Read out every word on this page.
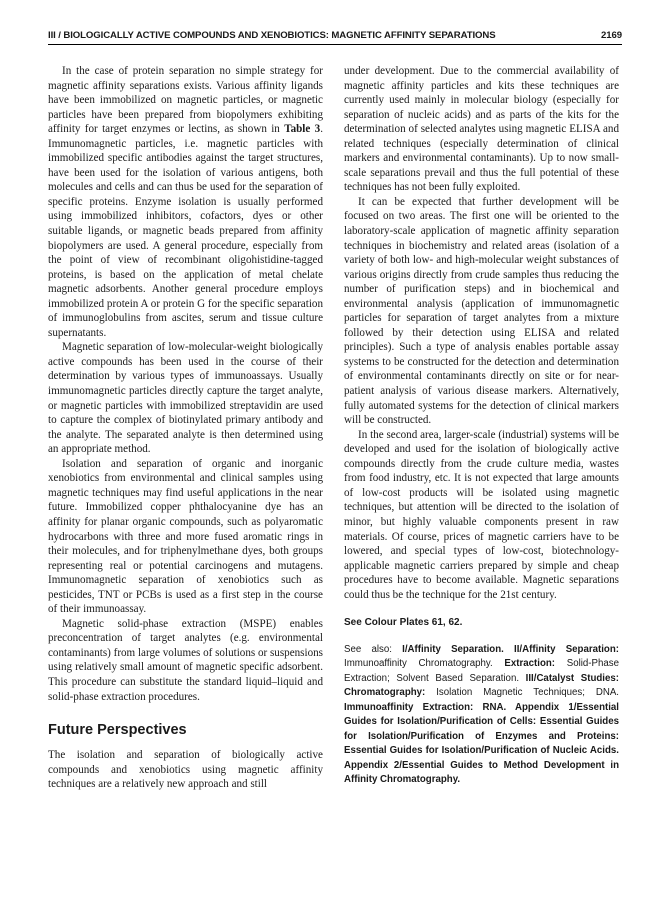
III / BIOLOGICALLY ACTIVE COMPOUNDS AND XENOBIOTICS: MAGNETIC AFFINITY SEPARATIONS	2169

In the case of protein separation no simple strategy for magnetic affinity separations exists. Various affinity ligands have been immobilized on magnetic particles, or magnetic particles have been prepared from biopolymers exhibiting affinity for target enzymes or lectins, as shown in Table 3. Immunomagnetic particles, i.e. magnetic particles with immobilized specific antibodies against the target structures, have been used for the isolation of various antigens, both molecules and cells and can thus be used for the separation of specific proteins. Enzyme isolation is usually performed using immobilized inhibitors, cofactors, dyes or other suitable ligands, or magnetic beads prepared from affinity biopolymers are used. A general procedure, especially from the point of view of recombinant oligohistidine-tagged proteins, is based on the application of metal chelate magnetic adsorbents. Another general procedure employs immobilized protein A or protein G for the specific separation of immunoglobulins from ascites, serum and tissue culture supernatants.

Magnetic separation of low-molecular-weight biologically active compounds has been used in the course of their determination by various types of immunoassays. Usually immunomagnetic particles directly capture the target analyte, or magnetic particles with immobilized streptavidin are used to capture the complex of biotinylated primary antibody and the analyte. The separated analyte is then determined using an appropriate method.

Isolation and separation of organic and inorganic xenobiotics from environmental and clinical samples using magnetic techniques may find useful applications in the near future. Immobilized copper phthalocyanine dye has an affinity for planar organic compounds, such as polyaromatic hydrocarbons with three and more fused aromatic rings in their molecules, and for triphenylmethane dyes, both groups representing real or potential carcinogens and mutagens. Immunomagnetic separation of xenobiotics such as pesticides, TNT or PCBs is used as a first step in the course of their immunoassay.

Magnetic solid-phase extraction (MSPE) enables preconcentration of target analytes (e.g. environmental contaminants) from large volumes of solutions or suspensions using relatively small amount of magnetic specific adsorbent. This procedure can substitute the standard liquid–liquid and solid-phase extraction procedures.

Future Perspectives

The isolation and separation of biologically active compounds and xenobiotics using magnetic affinity techniques are a relatively new approach and still

under development. Due to the commercial availability of magnetic affinity particles and kits these techniques are currently used mainly in molecular biology (especially for separation of nucleic acids) and as parts of the kits for the determination of selected analytes using magnetic ELISA and related techniques (especially determination of clinical markers and environmental contaminants). Up to now small-scale separations prevail and thus the full potential of these techniques has not been fully exploited.

It can be expected that further development will be focused on two areas. The first one will be oriented to the laboratory-scale application of magnetic affinity separation techniques in biochemistry and related areas (isolation of a variety of both low- and high-molecular weight substances of various origins directly from crude samples thus reducing the number of purification steps) and in biochemical and environmental analysis (application of immunomagnetic particles for separation of target analytes from a mixture followed by their detection using ELISA and related principles). Such a type of analysis enables portable assay systems to be constructed for the detection and determination of environmental contaminants directly on site or for near-patient analysis of various disease markers. Alternatively, fully automated systems for the detection of clinical markers will be constructed.

In the second area, larger-scale (industrial) systems will be developed and used for the isolation of biologically active compounds directly from the crude culture media, wastes from food industry, etc. It is not expected that large amounts of low-cost products will be isolated using magnetic techniques, but attention will be directed to the isolation of minor, but highly valuable components present in raw materials. Of course, prices of magnetic carriers have to be lowered, and special types of low-cost, biotechnology-applicable magnetic carriers prepared by simple and cheap procedures have to become available. Magnetic separations could thus be the technique for the 21st century.

See Colour Plates 61, 62.
See also: I/Affinity Separation. II/Affinity Separation: Immunoaffinity Chromatography. Extraction: Solid-Phase Extraction; Solvent Based Separation. III/Catalyst Studies: Chromatography: Isolation Magnetic Techniques; DNA. Immunoaffinity Extraction: RNA. Appendix 1/Essential Guides for Isolation/Purification of Cells: Essential Guides for Isolation/Purification of Enzymes and Proteins: Essential Guides for Isolation/Purification of Nucleic Acids. Appendix 2/Essential Guides to Method Development in Affinity Chromatography.
